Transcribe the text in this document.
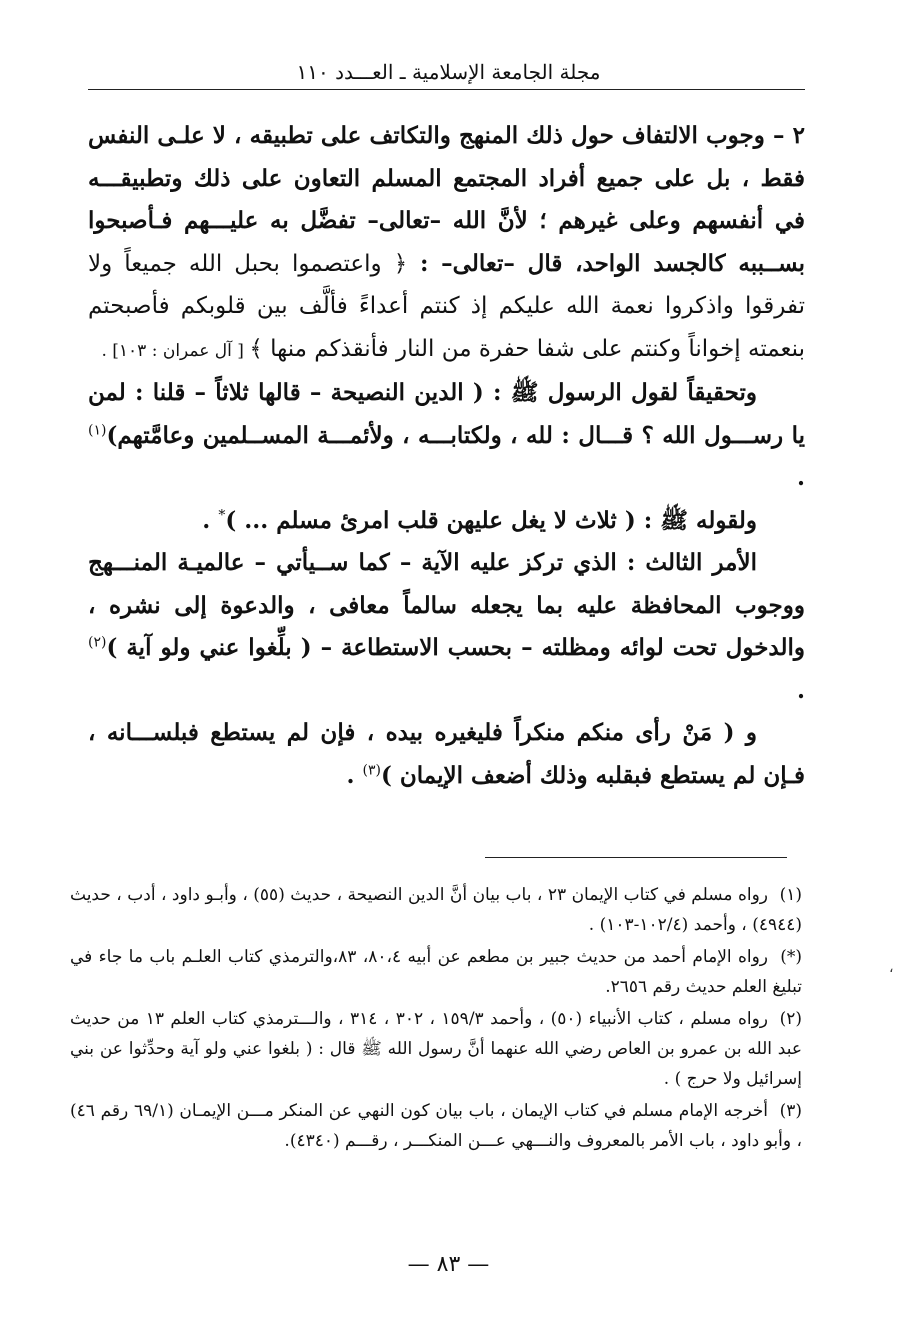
مجلة الجامعة الإسلامية ـ العـــدد ١١٠

٢ – وجوب الالتفاف حول ذلك المنهج والتكاتف على تطبيقه ، لا علـى النفس فقط ، بل على جميع أفراد المجتمع المسلم التعاون على ذلك وتطبيقـــه في أنفسهم وعلى غيرهم ؛ لأنَّ الله –تعالى– تفضَّل به عليـــهم فـأصبحوا بســببه كالجسد الواحد، قال –تعالى– : ﴿ واعتصموا بحبل الله جميعاً ولا تفرقوا واذكروا نعمة الله عليكم إذ كنتم أعداءً فألَّف بين قلوبكم فأصبحتم بنعمته إخواناً وكنتم على شفا حفرة من النار فأنقذكم منها ﴾ [ آل عمران : ١٠٣] .

وتحقيقاً لقول الرسول ﷺ : ( الدين النصيحة – قالها ثلاثاً – قلنا : لمن يا رســـول الله ؟ قـــال : لله ، ولكتابـــه ، ولأئمـــة المســلمين وعامَّتهم)$^{(١)}$ .

ولقوله ﷺ : ( ثلاث لا يغل عليهن قلب امرئ مسلم ... )* .

الأمر الثالث : الذي تركز عليه الآية – كما ســيأتي – عالميـة المنـــهج ووجوب المحافظة عليه بما يجعله سالماً معافى ، والدعوة إلى نشره ، والدخول تحت لوائه ومظلته – بحسب الاستطاعة – ( بلِّغوا عني ولو آية )$^{(٢)}$ .

و ( مَنْ رأى منكم منكراً فليغيره بيده ، فإن لم يستطع فبلســـانه ، فـإن لم يستطع فبقلبه وذلك أضعف الإيمان )$^{(٣)}$ .

(١)رواه مسلم في كتاب الإيمان ٢٣ ، باب بيان أنَّ الدين النصيحة ، حديث (٥٥) ، وأبـو داود ، أدب ، حديث (٤٩٤٤) ، وأحمد (١٠٢/٤-١٠٣) .

(*)رواه الإمام أحمد من حديث جبير بن مطعم عن أبيه ٨٠،٤، ٨٣،والترمذي كتاب العلـم باب ما جاء في تبليغ العلم حديث رقم ٢٦٥٦.

(٢)رواه مسلم ، كتاب الأنبياء (٥٠) ، وأحمد ١٥٩/٣ ، ٣٠٢ ، ٣١٤ ، والـــترمذي كتاب العلم ١٣ من حديث عبد الله بن عمرو بن العاص رضي الله عنهما أنَّ رسول الله ﷺ قال : ( بلغوا عني ولو آية وحدِّثوا عن بني إسرائيل ولا حرج ) .

(٣)أخرجه الإمام مسلم في كتاب الإيمان ، باب بيان كون النهي عن المنكر مـــن الإيمـان (٦٩/١ رقم ٤٦) ، وأبو داود ، باب الأمر بالمعروف والنـــهي عـــن المنكـــر ، رقـــم (٤٣٤٠).

— ٨٣ —
،
